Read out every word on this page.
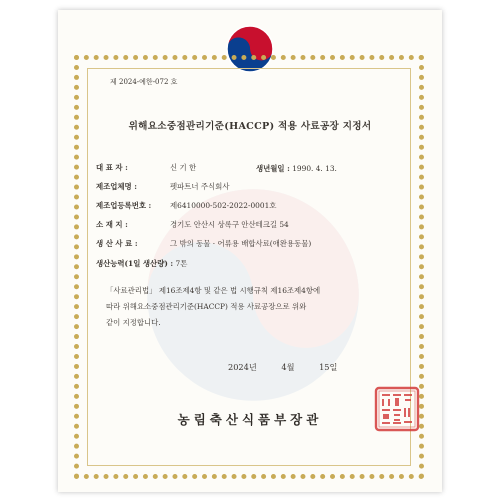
제 2024-예한-072 호
위해요소중점관리기준(HACCP) 적용 사료공장 지정서
대 표 자 :	신 기 한	생년월일 : 1990. 4. 13.
제조업체명 :	펫파트너 주식회사
제조업등록번호 :	제6410000-502-2022-0001호
소 재 지 :	경기도 안산시 상록구 안산테크길 54
생 산 사 료 :	그 밖의 동물 · 어류용 배합사료(애완용동물)
생산능력(1일 생산량) : 7톤
「사료관리법」 제16조제4항 및 같은 법 시행규칙 제16조제4항에
따라 위해요소중점관리기준(HACCP) 적용 사료공장으로 위와
같이 지정합니다.
2024년	4월	15일
농림축산식품부장관
